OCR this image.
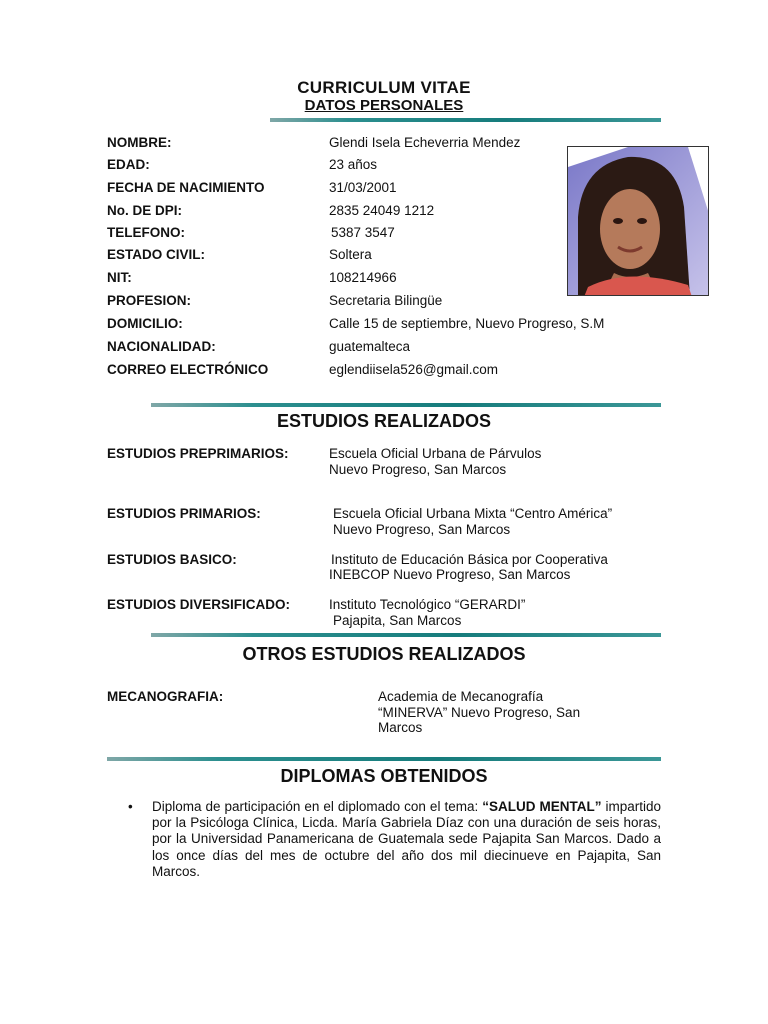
CURRICULUM VITAE
DATOS PERSONALES
NOMBRE:	Glendi Isela Echeverria Mendez
EDAD:	23 años
FECHA DE NACIMIENTO	31/03/2001
No. DE DPI:	2835 24049 1212
TELEFONO:	5387 3547
ESTADO CIVIL:	Soltera
NIT:	108214966
PROFESION:	Secretaria Bilingüe
DOMICILIO:	Calle 15 de septiembre, Nuevo Progreso, S.M
NACIONALIDAD:	guatemalteca
CORREO ELECTRÓNICO	eglendiisela526@gmail.com
ESTUDIOS REALIZADOS
ESTUDIOS PREPRIMARIOS:	Escuela Oficial Urbana de Párvulos
Nuevo Progreso, San Marcos
ESTUDIOS PRIMARIOS:	Escuela Oficial Urbana Mixta “Centro América”
Nuevo Progreso, San Marcos
ESTUDIOS BASICO:	Instituto de Educación Básica por Cooperativa
INEBCOP Nuevo Progreso, San Marcos
ESTUDIOS DIVERSIFICADO:	Instituto Tecnológico “GERARDI”
Pajapita, San Marcos
OTROS ESTUDIOS REALIZADOS
MECANOGRAFIA:	Academia de Mecanografía
“MINERVA” Nuevo Progreso, San
Marcos
DIPLOMAS OBTENIDOS
• Diploma de participación en el diplomado con el tema: “SALUD MENTAL” impartido por la Psicóloga Clínica, Licda. María Gabriela Díaz con una duración de seis horas, por la Universidad Panamericana de Guatemala sede Pajapita San Marcos. Dado a los once días del mes de octubre del año dos mil diecinueve en Pajapita, San Marcos.
